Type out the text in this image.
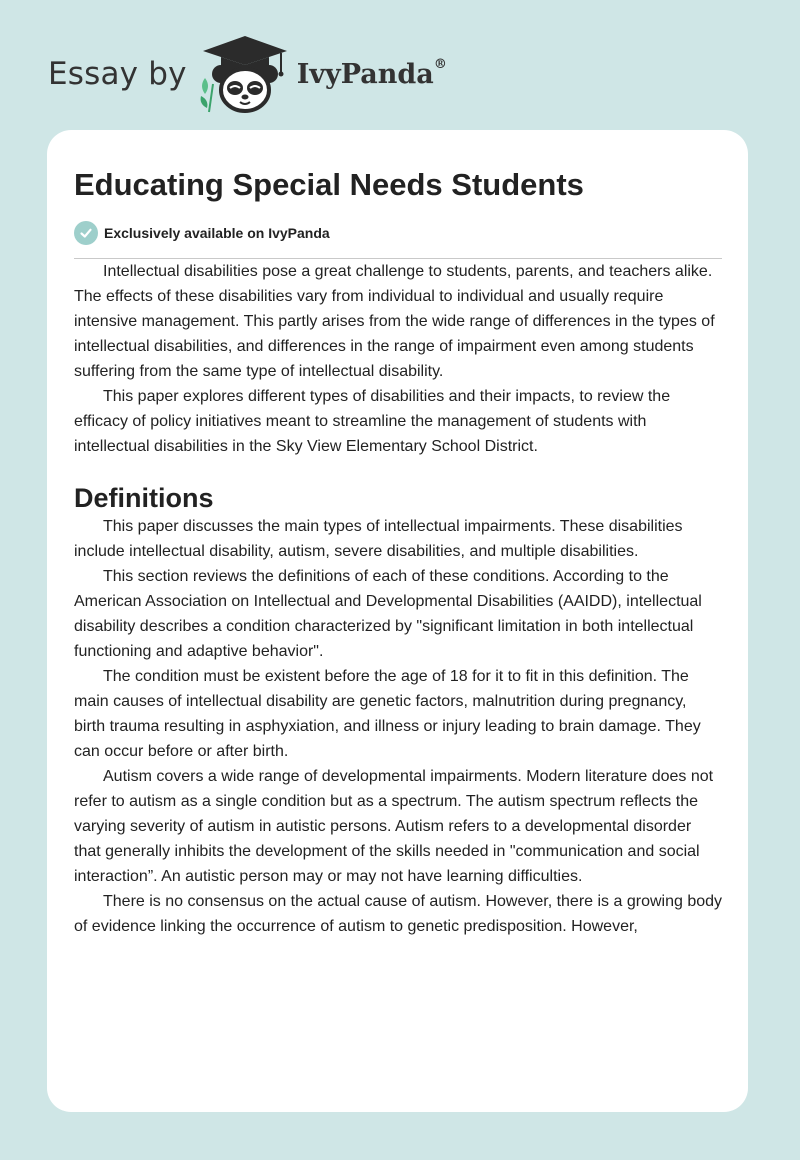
Essay by	IvyPanda®
Educating Special Needs Students
Exclusively available on IvyPanda

Intellectual disabilities pose a great challenge to students, parents, and teachers alike. The effects of these disabilities vary from individual to individual and usually require intensive management. This partly arises from the wide range of differences in the types of intellectual disabilities, and differences in the range of impairment even among students suffering from the same type of intellectual disability.

This paper explores different types of disabilities and their impacts, to review the efficacy of policy initiatives meant to streamline the management of students with intellectual disabilities in the Sky View Elementary School District.

Definitions

This paper discusses the main types of intellectual impairments. These disabilities include intellectual disability, autism, severe disabilities, and multiple disabilities.

This section reviews the definitions of each of these conditions. According to the American Association on Intellectual and Developmental Disabilities (AAIDD), intellectual disability describes a condition characterized by "significant limitation in both intellectual functioning and adaptive behavior".

The condition must be existent before the age of 18 for it to fit in this definition. The main causes of intellectual disability are genetic factors, malnutrition during pregnancy, birth trauma resulting in asphyxiation, and illness or injury leading to brain damage. They can occur before or after birth.

Autism covers a wide range of developmental impairments. Modern literature does not refer to autism as a single condition but as a spectrum. The autism spectrum reflects the varying severity of autism in autistic persons. Autism refers to a developmental disorder that generally inhibits the development of the skills needed in "communication and social interaction”. An autistic person may or may not have learning difficulties.

There is no consensus on the actual cause of autism. However, there is a growing body of evidence linking the occurrence of autism to genetic predisposition. However,
